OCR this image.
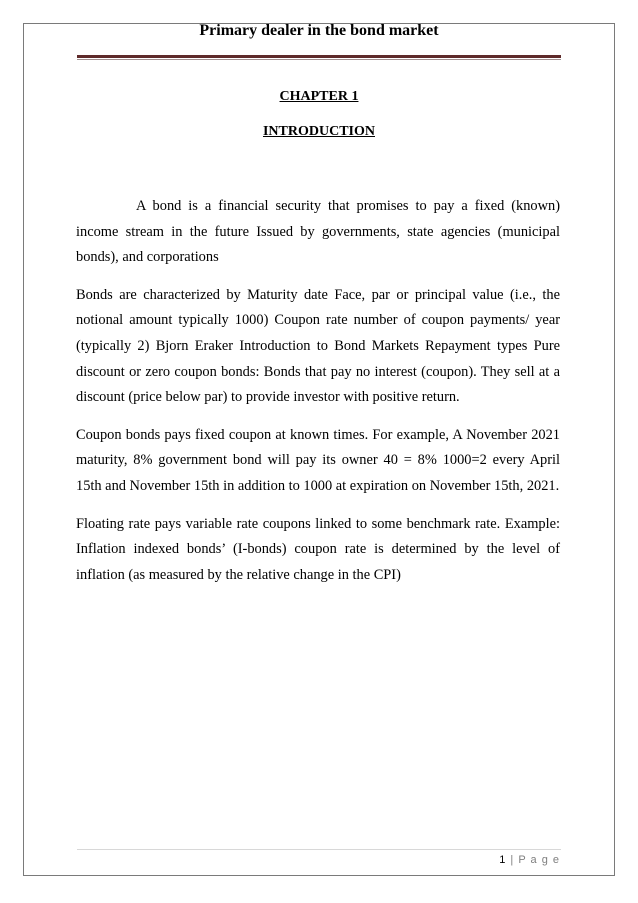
Primary dealer in the bond market
CHAPTER 1
INTRODUCTION

A bond is a financial security that promises to pay a fixed (known) income stream in the future Issued by governments, state agencies (municipal bonds), and corporations

Bonds are characterized by Maturity date Face, par or principal value (i.e., the notional amount typically 1000) Coupon rate number of coupon payments/ year (typically 2) Bjorn Eraker Introduction to Bond Markets Repayment types Pure discount or zero coupon bonds: Bonds that pay no interest (coupon). They sell at a discount (price below par) to provide investor with positive return.

Coupon bonds pays fixed coupon at known times. For example, A November 2021 maturity, 8% government bond will pay its owner 40 = 8% 1000=2 every April 15th and November 15th in addition to 1000 at expiration on November 15th, 2021.

Floating rate pays variable rate coupons linked to some benchmark rate. Example: Inflation indexed bonds’ (I-bonds) coupon rate is determined by the level of inflation (as measured by the relative change in the CPI)

1 | P a g e
